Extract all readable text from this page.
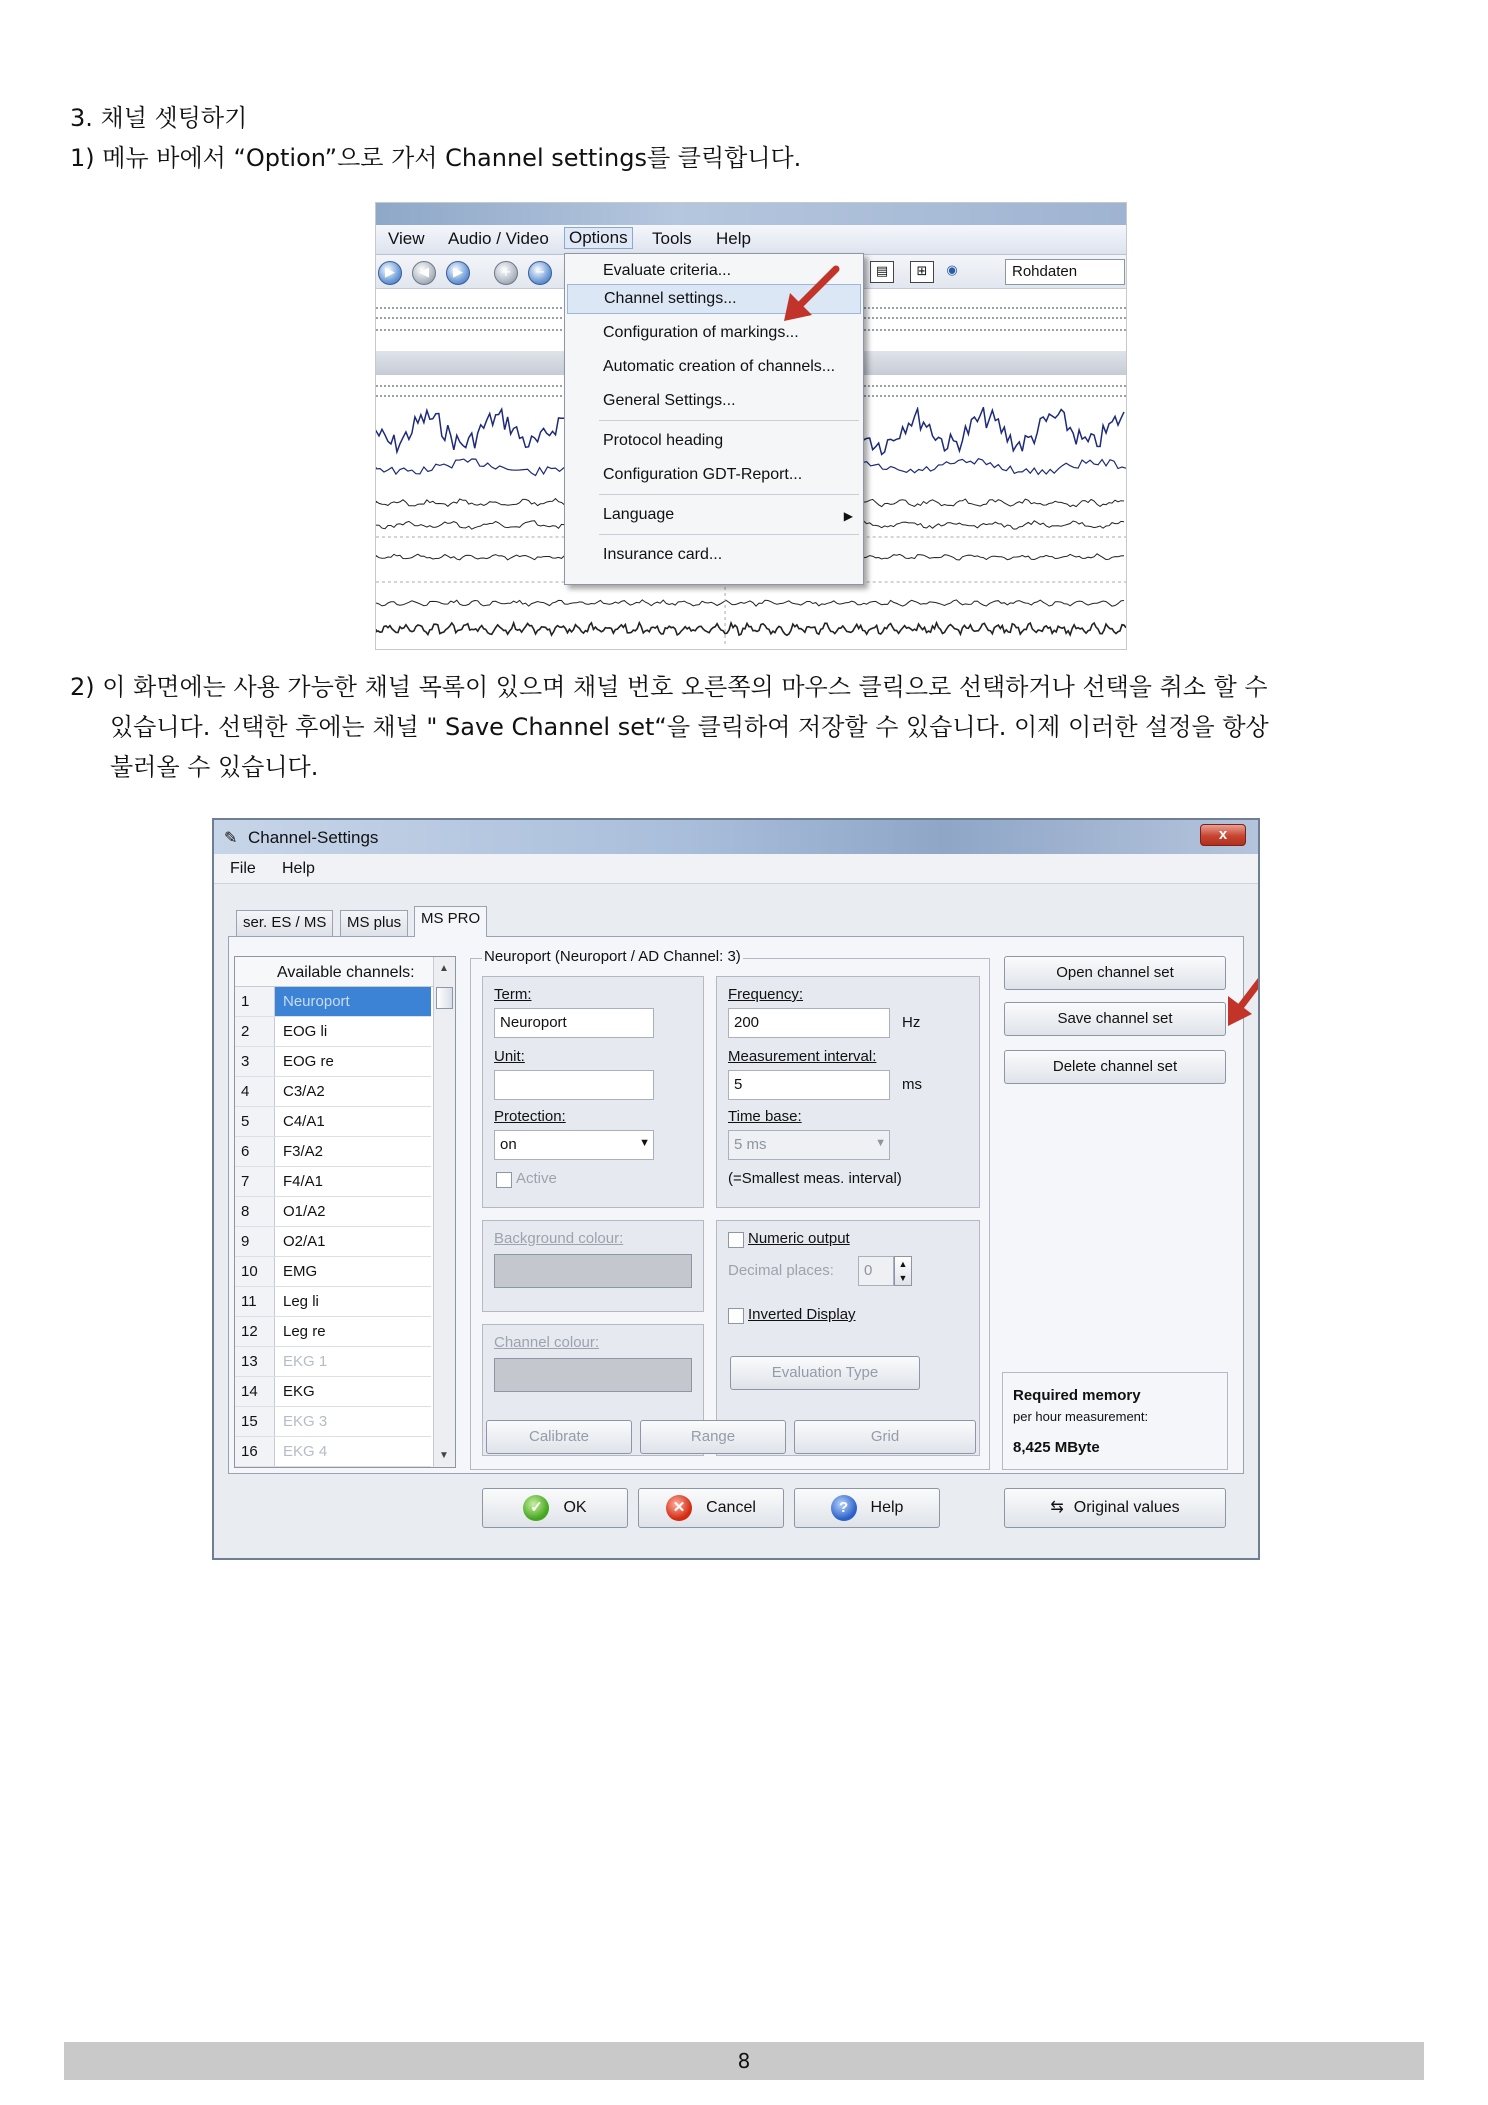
3. 채널 셋팅하기
1) 메뉴 바에서 “Option”으로 가서 Channel settings를 클릭합니다.
View Audio / Video Options Tools Help
▶	◀	▶	+	−	▤	⊞	◉	Rohdaten
Evaluate criteria...
Channel settings...
Configuration of markings...
Automatic creation of channels...
General Settings...
Protocol heading
Configuration GDT-Report...
Language	▶
Insurance card...
2) 이 화면에는 사용 가능한 채널 목록이 있으며 채널 번호 오른쪽의 마우스 클릭으로 선택하거나 선택을 취소 할 수
있습니다. 선택한 후에는 채널 " Save Channel set“을 클릭하여 저장할 수 있습니다. 이제 이러한 설정을 항상
불러올 수 있습니다.
✎ Channel-Settings	x
File Help
ser. ES / MS	MS plus	MS PRO
Available channels:
1	Neuroport
2	EOG li
3	EOG re
4	C3/A2
5	C4/A1
6	F3/A2
7	F4/A1
8	O1/A2
9	O2/A1
10	EMG
11	Leg li
12	Leg re
13	EKG 1
14	EKG
15	EKG 3
16	EKG 4
▲
▼
Neuroport (Neuroport / AD Channel: 3)
Term:
Neuroport
Unit:
Protection:
on	▼
Active
Frequency:
200	Hz
Measurement interval:
5	ms
Time base:
5 ms	▼
(=Smallest meas. interval)
Background colour:
Channel colour:
Numeric output
Decimal places:	0	▲
▼
Inverted Display
Evaluation Type
Calibrate	Range	Grid
Open channel set
Save channel set
Delete channel set
Required memory
per hour measurement:
8,425 MByte
✓ OK	✕ Cancel	? Help	⇆ Original values
8
